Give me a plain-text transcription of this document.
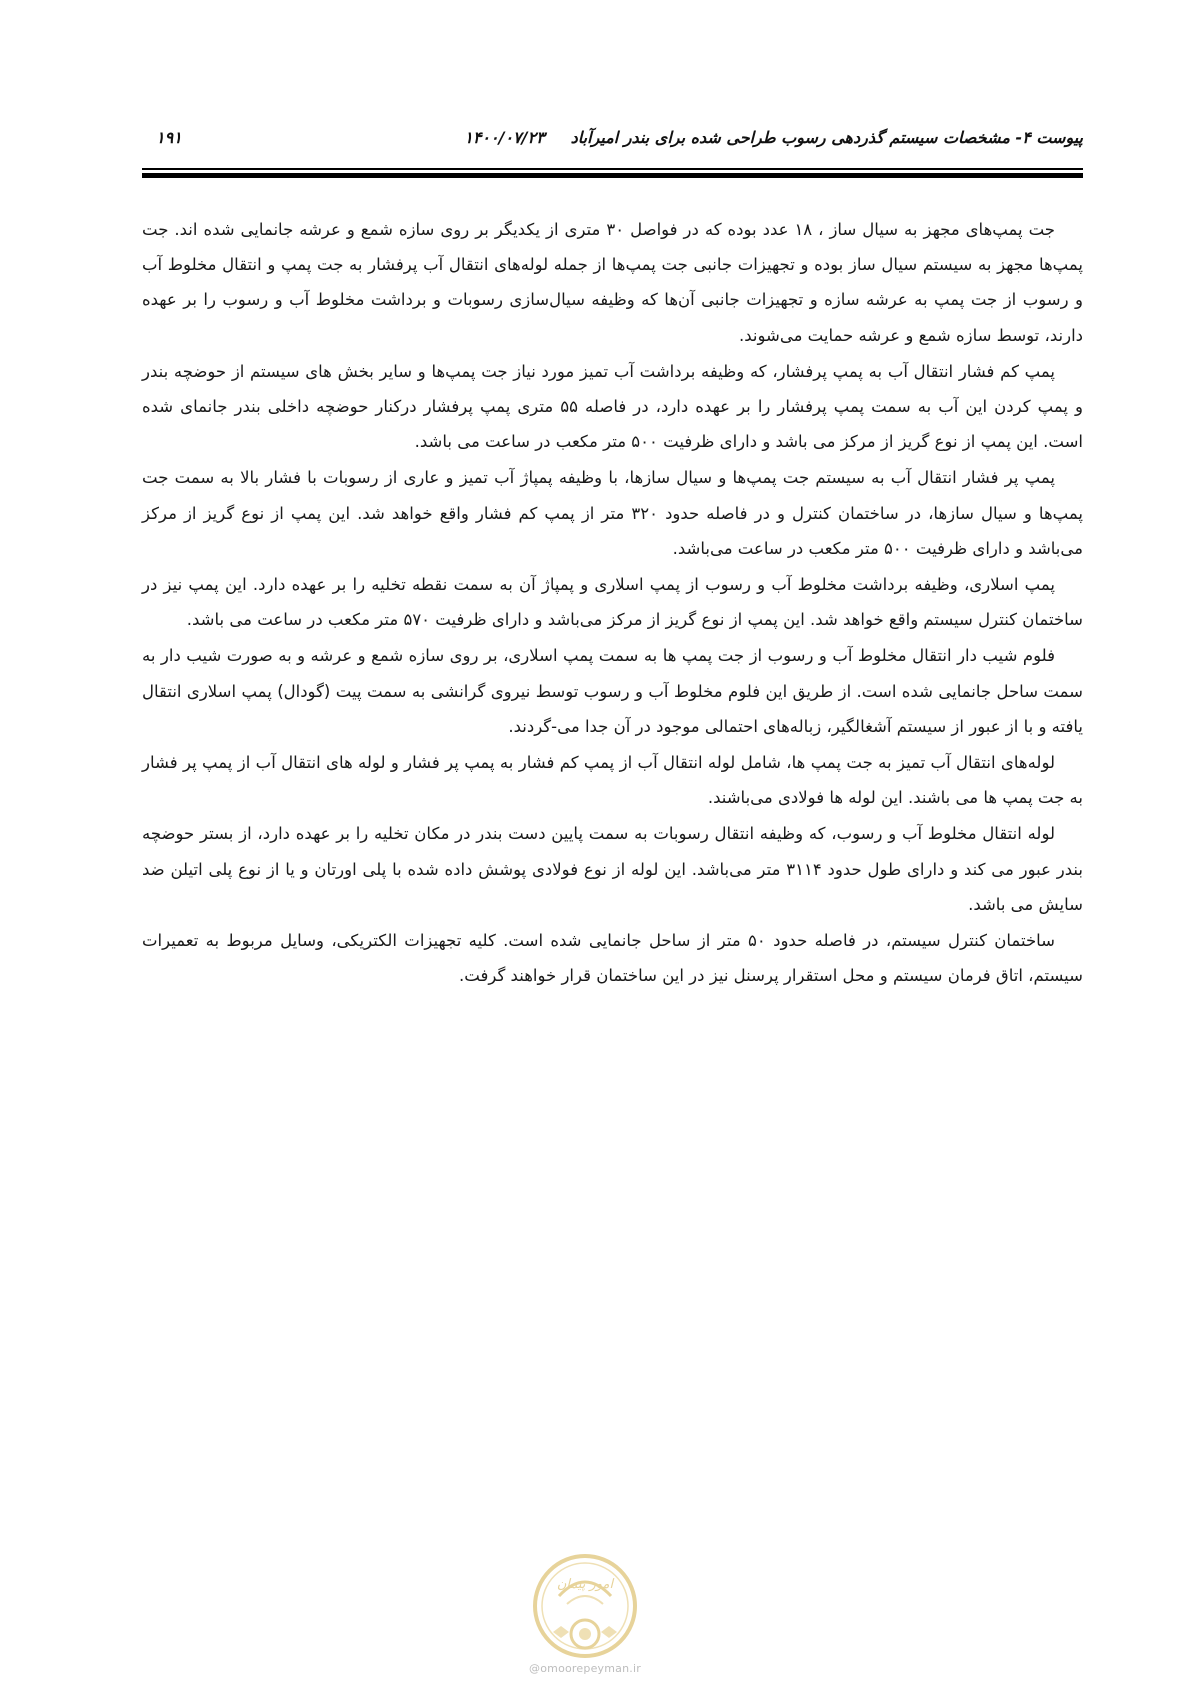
پیوست ۴- مشخصات سیستم گذردهی رسوب طراحی شده برای بندر امیرآباد۱۴۰۰/۰۷/۲۳
۱۹۱

جت پمپ‌های مجهز به سیال ساز ، ۱۸ عدد بوده که در فواصل ۳۰ متری از یکدیگر بر روی سازه شمع و عرشه جانمایی شده اند. جت پمپ‌ها مجهز به سیستم سیال ساز بوده و تجهیزات جانبی جت پمپ‌ها از جمله لوله‌های انتقال آب پرفشار به جت پمپ و انتقال مخلوط آب و رسوب از جت پمپ به عرشه سازه و تجهیزات جانبی آن‌ها که وظیفه سیال‌سازی رسوبات و برداشت مخلوط آب و رسوب را بر عهده دارند، توسط سازه شمع و عرشه حمایت می‌شوند.

پمپ کم فشار انتقال آب به پمپ پرفشار، که وظیفه برداشت آب تمیز مورد نیاز جت پمپ‌ها و سایر بخش های سیستم از حوضچه بندر و پمپ کردن این آب به سمت پمپ پرفشار را بر عهده دارد، در فاصله ۵۵ متری پمپ پرفشار درکنار حوضچه داخلی بندر جانمای شده است. این پمپ از نوع گریز از مرکز می باشد و دارای ظرفیت ۵۰۰ متر مکعب در ساعت می باشد.

پمپ پر فشار انتقال آب به سیستم جت پمپ‌ها و سیال سازها، با وظیفه پمپاژ آب تمیز و عاری از رسوبات با فشار بالا به سمت جت پمپ‌ها و سیال سازها، در ساختمان کنترل و در فاصله حدود ۳۲۰ متر از پمپ کم فشار واقع خواهد شد. این پمپ از نوع گریز از مرکز می‌باشد و دارای ظرفیت ۵۰۰ متر مکعب در ساعت می‌باشد.

پمپ اسلاری، وظیفه برداشت مخلوط آب و رسوب از پمپ اسلاری و پمپاژ آن به سمت نقطه تخلیه را بر عهده دارد. این پمپ نیز در ساختمان کنترل سیستم واقع خواهد شد. این پمپ از نوع گریز از مرکز می‌باشد و دارای ظرفیت ۵۷۰ متر مکعب در ساعت می باشد.

فلوم شیب دار انتقال مخلوط آب و رسوب از جت پمپ ها به سمت پمپ اسلاری، بر روی سازه شمع و عرشه و به صورت شیب دار به سمت ساحل جانمایی شده است. از طریق این فلوم مخلوط آب و رسوب توسط نیروی گرانشی به سمت پیت (گودال) پمپ اسلاری انتقال یافته و با از عبور از سیستم آشغالگیر، زباله‌های احتمالی موجود در آن جدا می-گردند.

لوله‌های انتقال آب تمیز به جت پمپ ها، شامل لوله انتقال آب از پمپ کم فشار به پمپ پر فشار و لوله های انتقال آب از پمپ پر فشار به جت پمپ ها می باشند. این لوله ها فولادی می‌باشند.

لوله انتقال مخلوط آب و رسوب، که وظیفه انتقال رسوبات به سمت پایین دست بندر در مکان تخلیه را بر عهده دارد، از بستر حوضچه بندر عبور می کند و دارای طول حدود ۳۱۱۴ متر می‌باشد. این لوله از نوع فولادی پوشش داده شده با پلی اورتان و یا از نوع پلی اتیلن ضد سایش می باشد.

ساختمان کنترل سیستم، در فاصله حدود ۵۰ متر از ساحل جانمایی شده است. کلیه تجهیزات الکتریکی، وسایل مربوط به تعمیرات سیستم، اتاق فرمان سیستم و محل استقرار پرسنل نیز در این ساختمان قرار خواهند گرفت.

امور پیمان
@omoorepeyman.ir
